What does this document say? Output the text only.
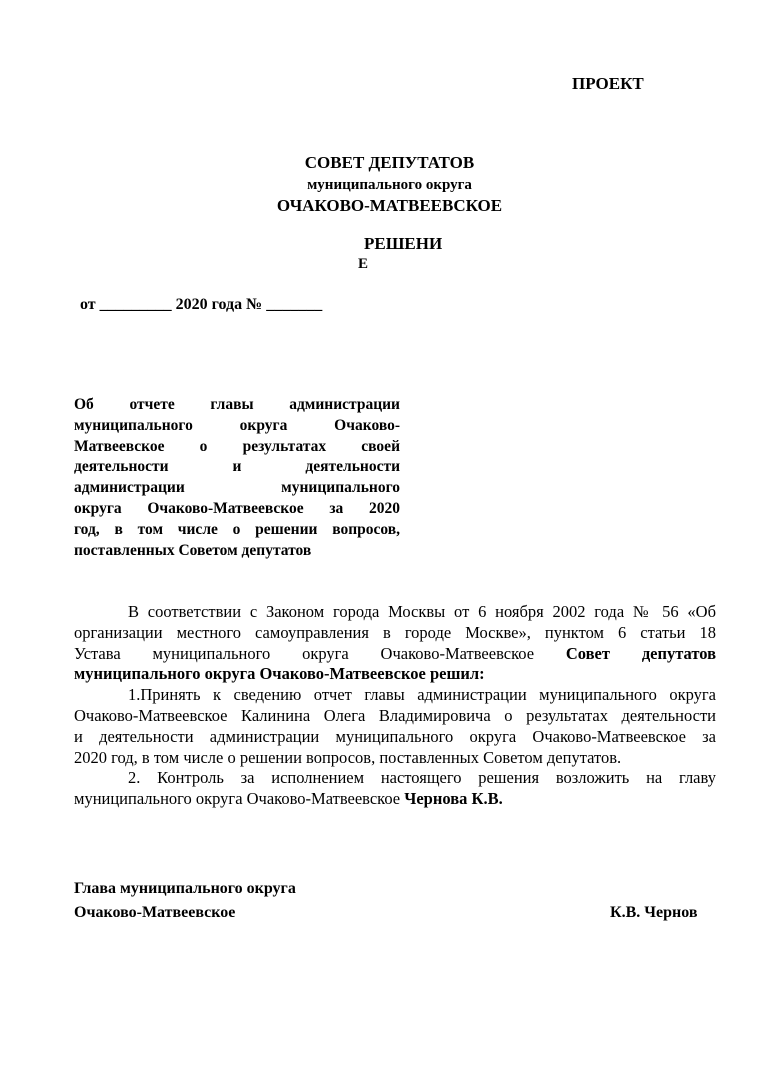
ПРОЕКТ
СОВЕТ ДЕПУТАТОВ
муниципального округа
ОЧАКОВО-МАТВЕЕВСКОЕ
РЕШЕНИ
Е
от _________ 2020 года № _______
Об отчете главы администрации
муниципального округа Очаково-
Матвеевское о результатах своей
деятельности и деятельности
администрации муниципального
округа Очаково-Матвеевское за 2020
год, в том числе о решении вопросов,
поставленных Советом депутатов
В соответствии с Законом города Москвы от 6 ноября 2002 года № 56 «Об
организации местного самоуправления в городе Москве», пунктом 6 статьи 18
Устава муниципального округа Очаково-Матвеевское Совет депутатов
муниципального округа Очаково-Матвеевское решил:
1.Принять к сведению отчет главы администрации муниципального округа
Очаково-Матвеевское Калинина Олега Владимировича о результатах деятельности
и деятельности администрации муниципального округа Очаково-Матвеевское за
2020 год, в том числе о решении вопросов, поставленных Советом депутатов.
2. Контроль за исполнением настоящего решения возложить на главу
муниципального округа Очаково-Матвеевское Чернова К.В.
Глава муниципального округа
Очаково-Матвеевское	К.В. Чернов
